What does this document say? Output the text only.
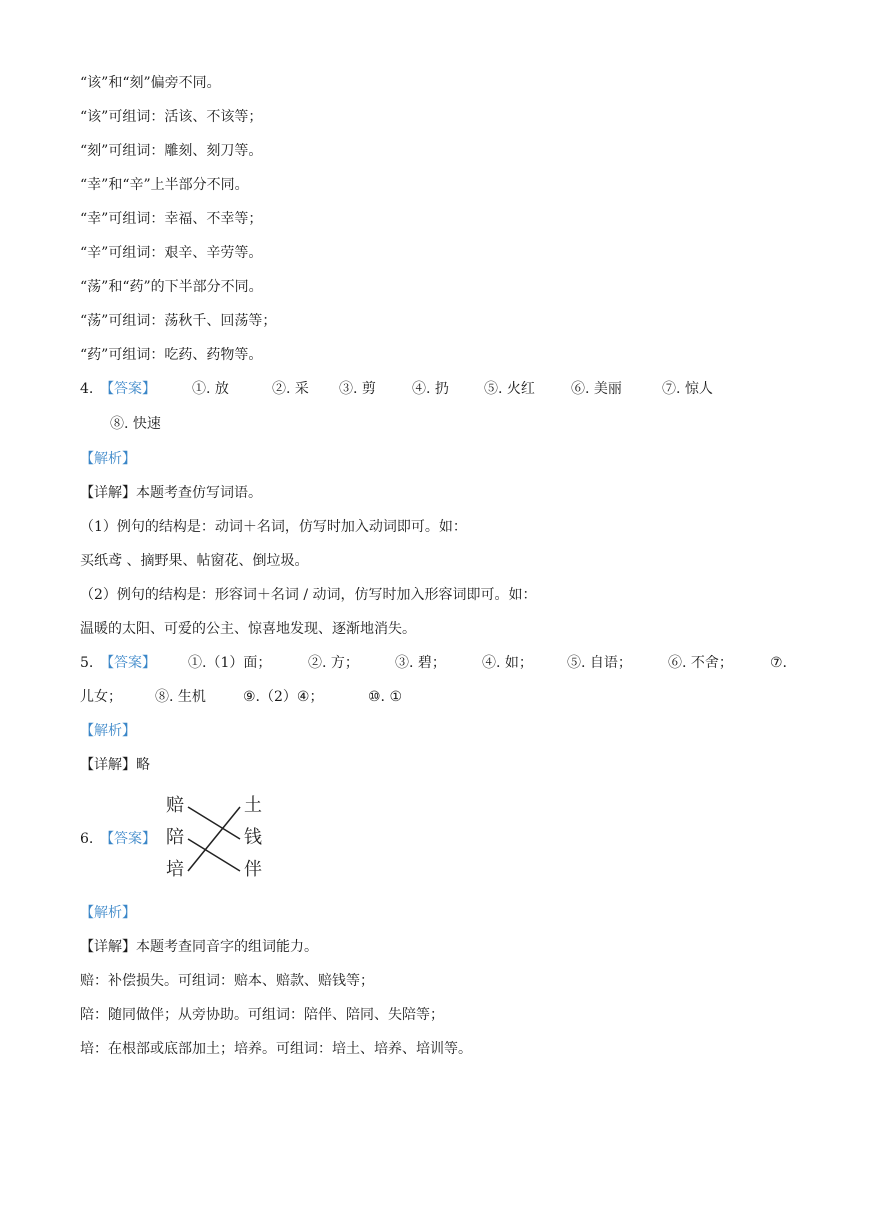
“该”和“刻”偏旁不同。
“该”可组词：活该、不该等；
“刻”可组词：雕刻、刻刀等。
“幸”和“辛”上半部分不同。
“幸”可组词：幸福、不幸等；
“辛”可组词：艰辛、辛劳等。
“荡”和“药”的下半部分不同。
“荡”可组词：荡秋千、回荡等；
“药”可组词：吃药、药物等。
4. 【答案】	①. 放	②. 采 ③. 剪	④. 扔	⑤. 火红	⑥. 美丽	⑦. 惊人
⑧. 快速
【解析】
【详解】本题考查仿写词语。
（1）例句的结构是：动词＋名词，仿写时加入动词即可。如：
买纸鸢 、摘野果、帖窗花、倒垃圾。
（2）例句的结构是：形容词＋名词 / 动词，仿写时加入形容词即可。如：
温暖的太阳、可爱的公主、惊喜地发现、逐渐地消失。
5. 【答案】 ①.（1）面；	②. 方；	③. 碧；	④. 如； ⑤. 自语；	⑥. 不舍；	⑦.
儿女； ⑧. 生机	⑨.（2）④；	⑩. ①
【解析】
【详解】略
6. 【答案】
赔
陪
培
土
钱
伴
【解析】
【详解】本题考查同音字的组词能力。
赔：补偿损失。可组词：赔本、赔款、赔钱等；
陪：随同做伴；从旁协助。可组词：陪伴、陪同、失陪等；
培：在根部或底部加土；培养。可组词：培土、培养、培训等。
